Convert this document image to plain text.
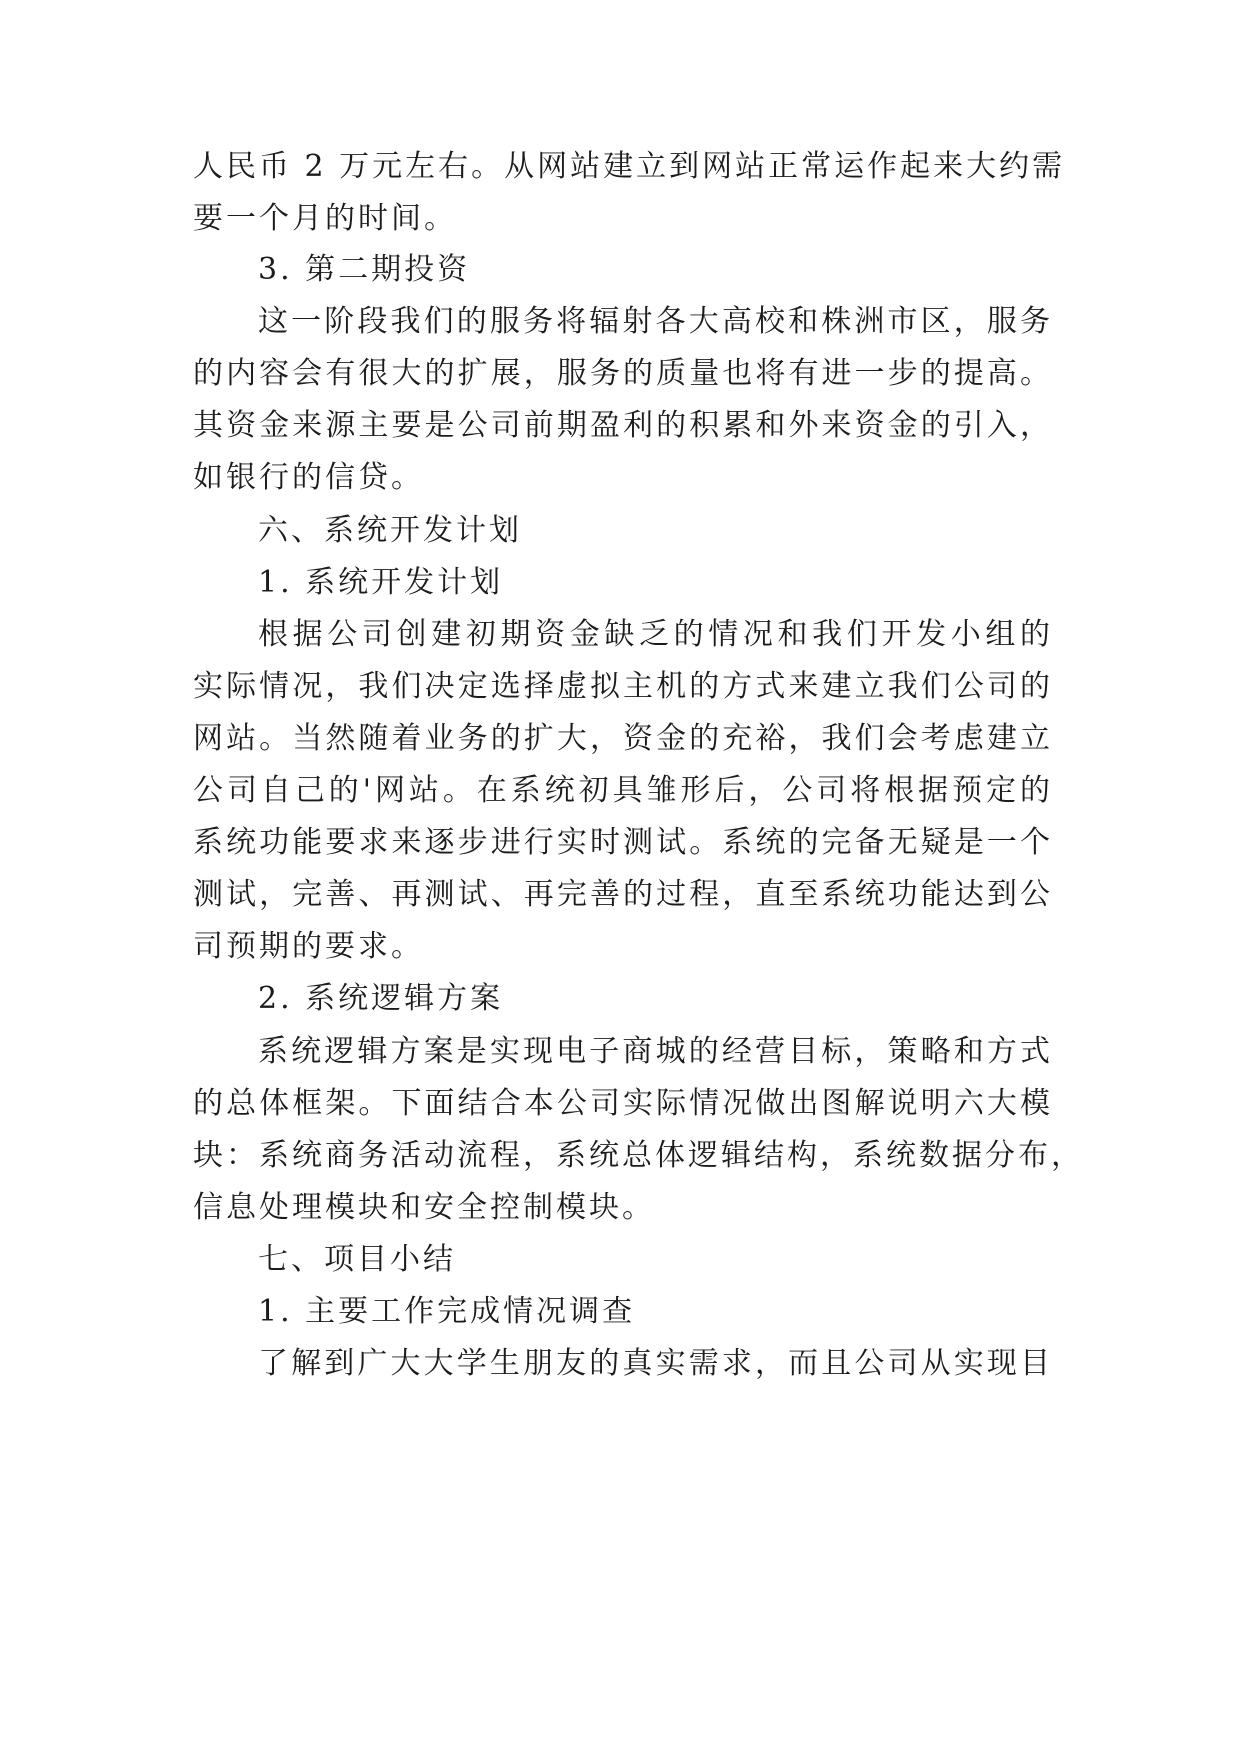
人民币 2 万元左右。从网站建立到网站正常运作起来大约需
要一个月的时间。
3. 第二期投资
这一阶段我们的服务将辐射各大高校和株洲市区，服务
的内容会有很大的扩展，服务的质量也将有进一步的提高。
其资金来源主要是公司前期盈利的积累和外来资金的引入，
如银行的信贷。
六、系统开发计划
1. 系统开发计划
根据公司创建初期资金缺乏的情况和我们开发小组的
实际情况，我们决定选择虚拟主机的方式来建立我们公司的
网站。当然随着业务的扩大，资金的充裕，我们会考虑建立
公司自己的'网站。在系统初具雏形后，公司将根据预定的
系统功能要求来逐步进行实时测试。系统的完备无疑是一个
测试，完善、再测试、再完善的过程，直至系统功能达到公
司预期的要求。
2. 系统逻辑方案
系统逻辑方案是实现电子商城的经营目标，策略和方式
的总体框架。下面结合本公司实际情况做出图解说明六大模
块：系统商务活动流程，系统总体逻辑结构，系统数据分布，
信息处理模块和安全控制模块。
七、项目小结
1. 主要工作完成情况调查
了解到广大大学生朋友的真实需求，而且公司从实现目
